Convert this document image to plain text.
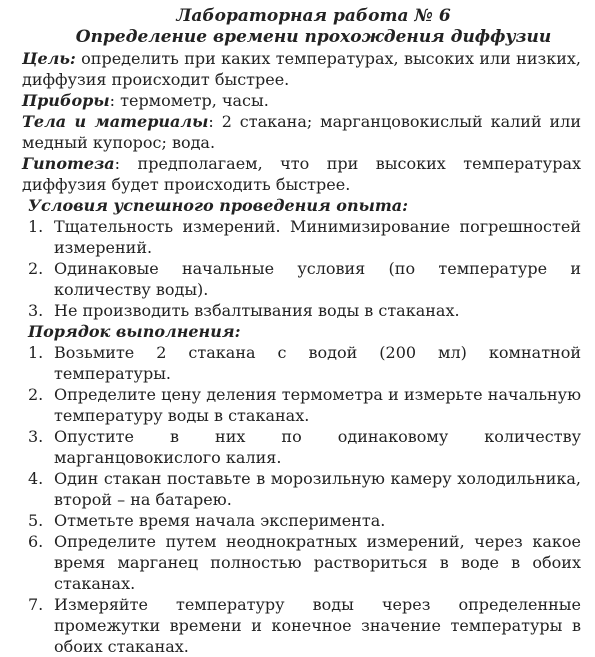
Лабораторная работа № 6
Определение времени прохождения диффузии

Цель: определить при каких температурах, высоких или низких, диффузия происходит быстрее.

Приборы: термометр, часы.

Тела и материалы: 2 стакана; марганцовокислый калий или медный купорос; вода.

Гипотеза: предполагаем, что при высоких температурах диффузия будет происходить быстрее.

Условия успешного проведения опыта:
1. Тщательность измерений. Минимизирование погрешностей измерений.
2. Одинаковые начальные условия (по температуре и количеству воды).
3. Не производить взбалтывания воды в стаканах.
Порядок выполнения:
1. Возьмите 2 стакана с водой (200 мл) комнатной температуры.
2. Определите цену деления термометра и измерьте начальную температуру воды в стаканах.
3. Опустите в них по одинаковому количеству марганцовокислого калия.
4. Один стакан поставьте в морозильную камеру холодильника, второй – на батарею.
5. Отметьте время начала эксперимента.
6. Определите путем неоднократных измерений, через какое время марганец полностью раствориться в воде в обоих стаканах.
7. Измеряйте температуру воды через определенные промежутки времени и конечное значение температуры в обоих стаканах.
